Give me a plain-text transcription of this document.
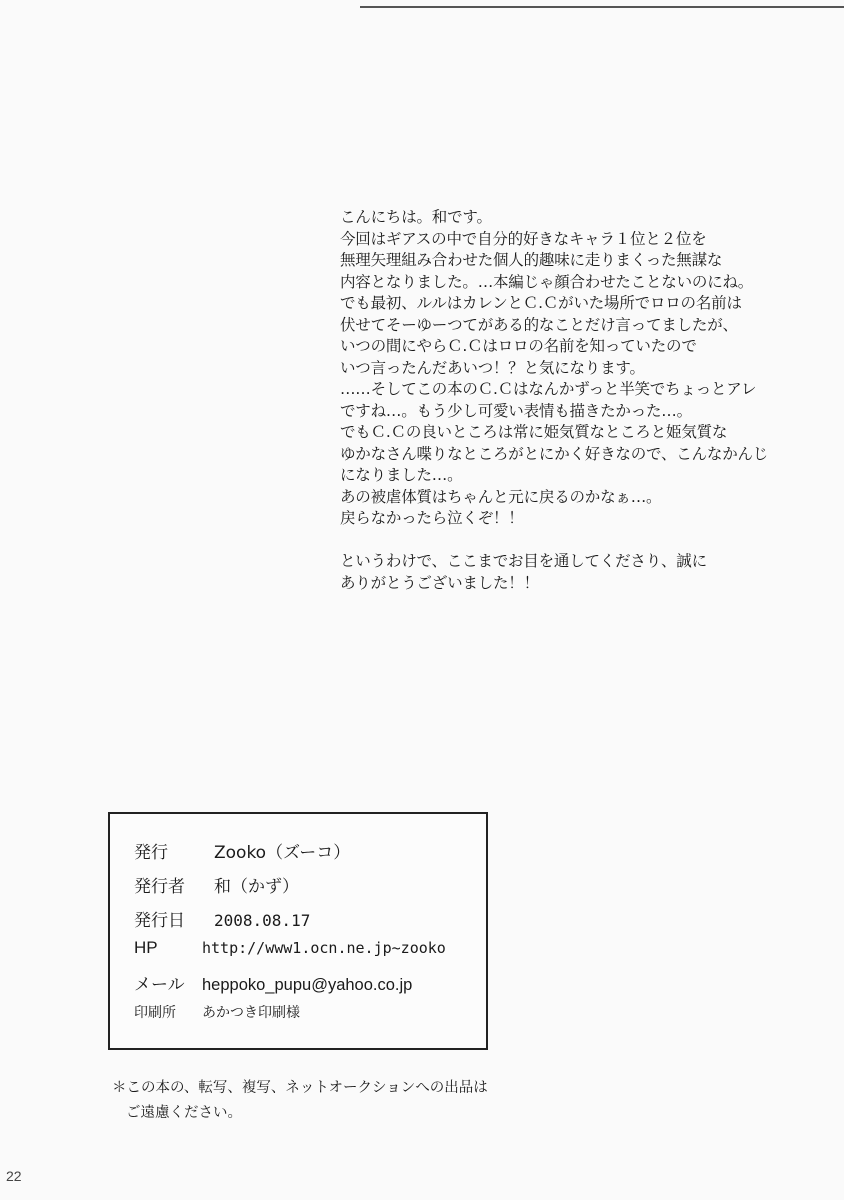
こんにちは。和です。
今回はギアスの中で自分的好きなキャラ１位と２位を
無理矢理組み合わせた個人的趣味に走りまくった無謀な
内容となりました。…本編じゃ顔合わせたことないのにね。
でも最初、ルルはカレンとＣ.Ｃがいた場所でロロの名前は
伏せてそーゆーつてがある的なことだけ言ってましたが、
いつの間にやらＣ.Ｃはロロの名前を知っていたので
いつ言ったんだあいつ！？と気になります。
……そしてこの本のＣ.Ｃはなんかずっと半笑でちょっとアレ
ですね…。もう少し可愛い表情も描きたかった…。
でもＣ.Ｃの良いところは常に姫気質なところと姫気質な
ゆかなさん喋りなところがとにかく好きなので、こんなかんじ
になりました…。
あの被虐体質はちゃんと元に戻るのかなぁ…。
戻らなかったら泣くぞ！！
というわけで、ここまでお目を通してくださり、誠に
ありがとうございました！！
発行	Zooko（ズーコ）
発行者	和（かず）
発行日	2008.08.17
HP	http://www1.ocn.ne.jp~zooko
メール	heppoko_pupu@yahoo.co.jp
印刷所	あかつき印刷様
＊この本の、転写、複写、ネットオークションへの出品は
ご遠慮ください。
22
